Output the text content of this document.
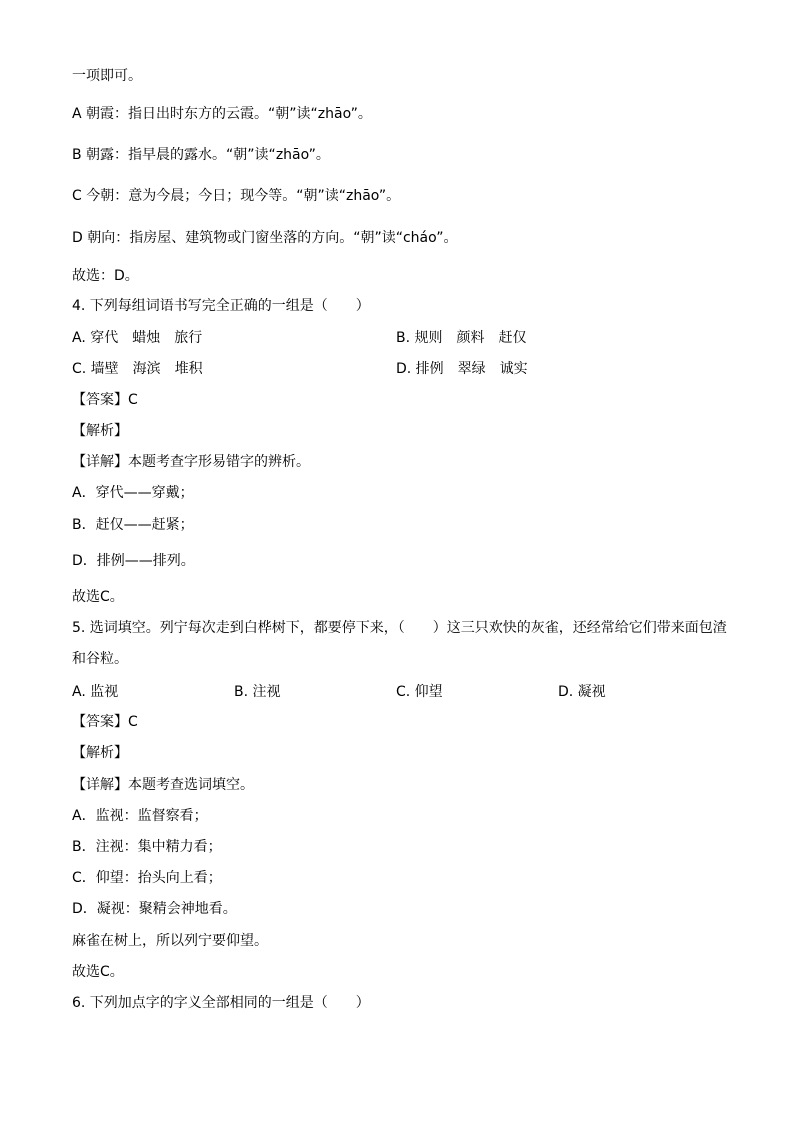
一项即可。
A 朝霞：指日出时东方的云霞。“朝”读“zhāo”。
B 朝露：指早晨的露水。“朝”读“zhāo”。
C 今朝：意为今晨；今日；现今等。“朝”读“zhāo”。
D 朝向：指房屋、建筑物或门窗坐落的方向。“朝”读“cháo”。
故选：D。
4. 下列每组词语书写完全正确的一组是（　　）
A. 穿代　蜡烛　旅行	B. 规则　颜料　赶仅
C. 墙壁　海滨　堆积	D. 排例　翠绿　诚实
【答案】C
【解析】
【详解】本题考查字形易错字的辨析。
A．穿代——穿戴；
B．赶仅——赶紧；
D．排例——排列。
故选C。
5. 选词填空。列宁每次走到白桦树下，都要停下来，（　　）这三只欢快的灰雀，还经常给它们带来面包渣和谷粒。
A. 监视	B. 注视	C. 仰望	D. 凝视
【答案】C
【解析】
【详解】本题考查选词填空。
A．监视：监督察看；
B．注视：集中精力看；
C．仰望：抬头向上看；
D．凝视：聚精会神地看。
麻雀在树上，所以列宁要仰望。
故选C。
6. 下列加点字的字义全部相同的一组是（　　）
